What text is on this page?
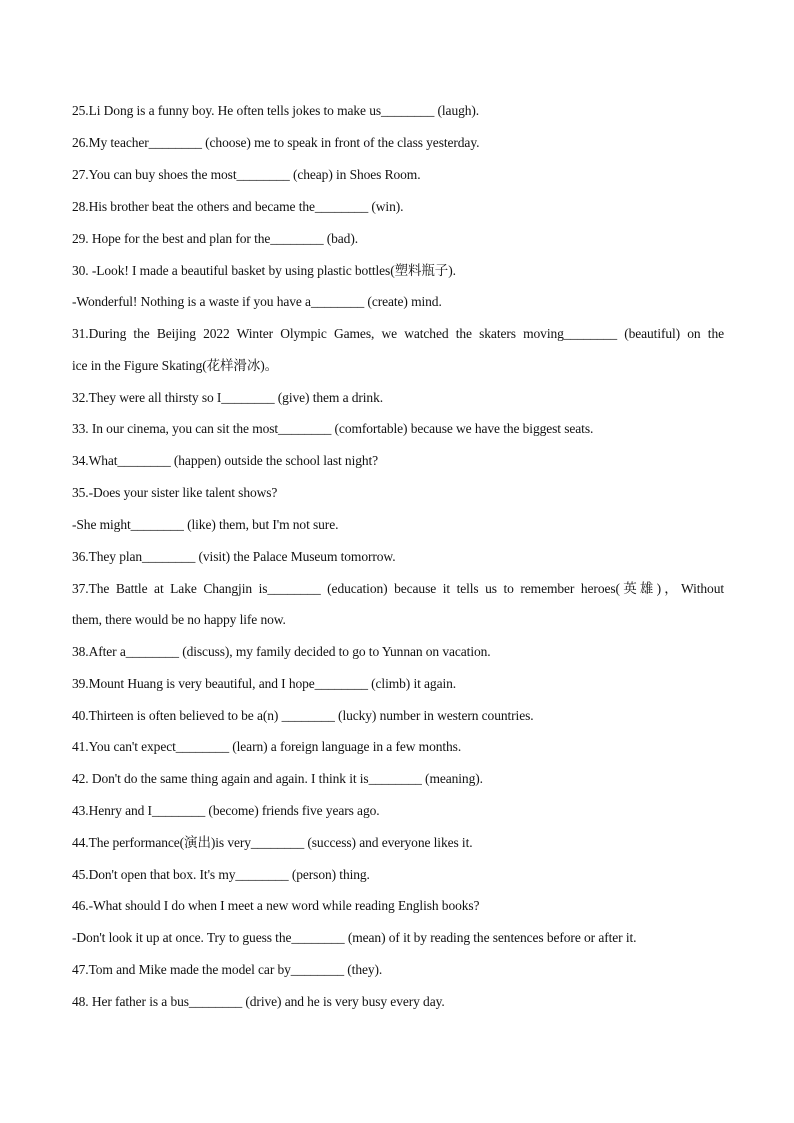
25.Li Dong is a funny boy. He often tells jokes to make us________ (laugh).
26.My teacher________ (choose) me to speak in front of the class yesterday.
27.You can buy shoes the most________ (cheap) in Shoes Room.
28.His brother beat the others and became the________ (win).
29. Hope for the best and plan for the________ (bad).
30. -Look! I made a beautiful basket by using plastic bottles(塑料瓶子).
-Wonderful! Nothing is a waste if you have a________ (create) mind.
31.During the Beijing 2022 Winter Olympic Games, we watched the skaters moving________ (beautiful) on the
ice in the Figure Skating(花样滑冰)。
32.They were all thirsty so I________ (give) them a drink.
33. In our cinema, you can sit the most________ (comfortable) because we have the biggest seats.
34.What________ (happen) outside the school last night?
35.-Does your sister like talent shows?
-She might________ (like) them, but I'm not sure.
36.They plan________ (visit) the Palace Museum tomorrow.
37.The Battle at Lake Changjin is________ (education) because it tells us to remember heroes(英雄)，Without
them, there would be no happy life now.
38.After a________ (discuss), my family decided to go to Yunnan on vacation.
39.Mount Huang is very beautiful, and I hope________ (climb) it again.
40.Thirteen is often believed to be a(n) ________ (lucky) number in western countries.
41.You can't expect________ (learn) a foreign language in a few months.
42. Don't do the same thing again and again. I think it is________ (meaning).
43.Henry and I________ (become) friends five years ago.
44.The performance(演出)is very________ (success) and everyone likes it.
45.Don't open that box. It's my________ (person) thing.
46.-What should I do when I meet a new word while reading English books?
-Don't look it up at once. Try to guess the________ (mean) of it by reading the sentences before or after it.
47.Tom and Mike made the model car by________ (they).
48. Her father is a bus________ (drive) and he is very busy every day.
